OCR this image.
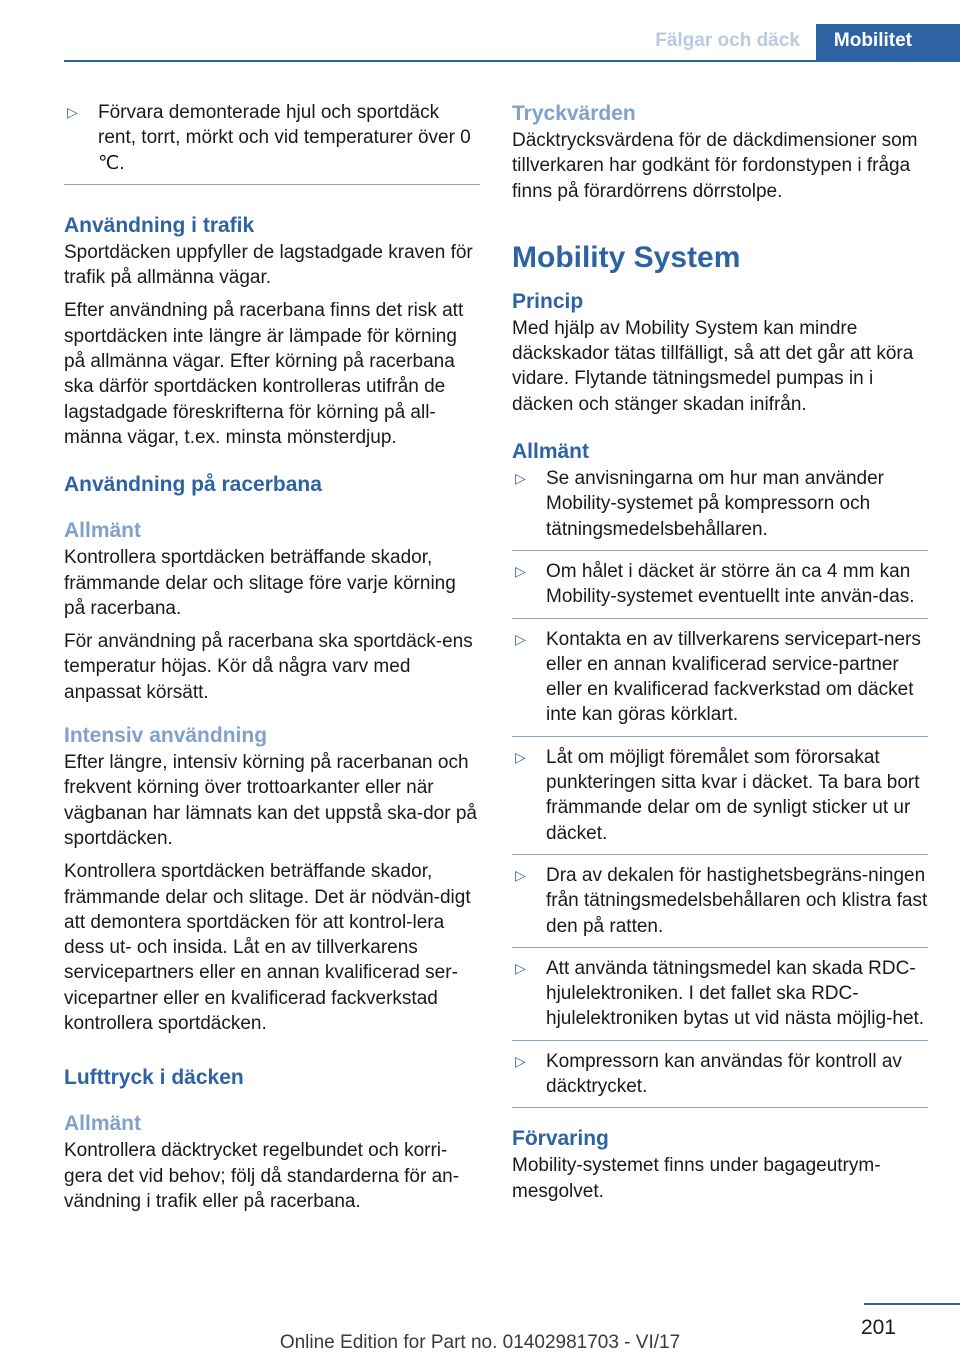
Fälgar och däck	Mobilitet
▷ Förvara demonterade hjul och sportdäck rent, torrt, mörkt och vid temperaturer över 0 ℃.
Användning i trafik

Sportdäcken uppfyller de lagstadgade kraven för trafik på allmänna vägar.

Efter användning på racerbana finns det risk att sportdäcken inte längre är lämpade för körning på allmänna vägar. Efter körning på racerbana ska därför sportdäcken kontrolleras utifrån de lagstadgade föreskrifterna för körning på all‐männa vägar, t.ex. minsta mönsterdjup.

Användning på racerbana
Allmänt

Kontrollera sportdäcken beträffande skador, främmande delar och slitage före varje körning på racerbana.

För användning på racerbana ska sportdäck‐ens temperatur höjas. Kör då några varv med anpassat körsätt.

Intensiv användning

Efter längre, intensiv körning på racerbanan och frekvent körning över trottoarkanter eller när vägbanan har lämnats kan det uppstå ska‐dor på sportdäcken.

Kontrollera sportdäcken beträffande skador, främmande delar och slitage. Det är nödvän‐digt att demontera sportdäcken för att kontrol‐lera dess ut- och insida. Låt en av tillverkarens servicepartners eller en annan kvalificerad ser‐vicepartner eller en kvalificerad fackverkstad kontrollera sportdäcken.

Lufttryck i däcken
Allmänt

Kontrollera däcktrycket regelbundet och korri‐gera det vid behov; följ då standarderna för an‐vändning i trafik eller på racerbana.

Tryckvärden

Däcktrycksvärdena för de däckdimensioner som tillverkaren har godkänt för fordonstypen i fråga finns på förardörrens dörrstolpe.

Mobility System
Princip

Med hjälp av Mobility System kan mindre däckskador tätas tillfälligt, så att det går att köra vidare. Flytande tätningsmedel pumpas in i däcken och stänger skadan inifrån.

Allmänt
▷ Se anvisningarna om hur man använder Mobility-systemet på kompressorn och tätningsmedelsbehållaren.
▷ Om hålet i däcket är större än ca 4 mm kan Mobility-systemet eventuellt inte använ‐das.
▷ Kontakta en av tillverkarens servicepart‐ners eller en annan kvalificerad service‐partner eller en kvalificerad fackverkstad om däcket inte kan göras körklart.
▷ Låt om möjligt föremålet som förorsakat punkteringen sitta kvar i däcket. Ta bara bort främmande delar om de synligt sticker ut ur däcket.
▷ Dra av dekalen för hastighetsbegräns‐ningen från tätningsmedelsbehållaren och klistra fast den på ratten.
▷ Att använda tätningsmedel kan skada RDC-hjulelektroniken. I det fallet ska RDC-hjulelektroniken bytas ut vid nästa möjlig‐het.
▷ Kompressorn kan användas för kontroll av däcktrycket.
Förvaring

Mobility-systemet finns under bagageutrym‐mesgolvet.

201
Online Edition for Part no. 01402981703 - VI/17
